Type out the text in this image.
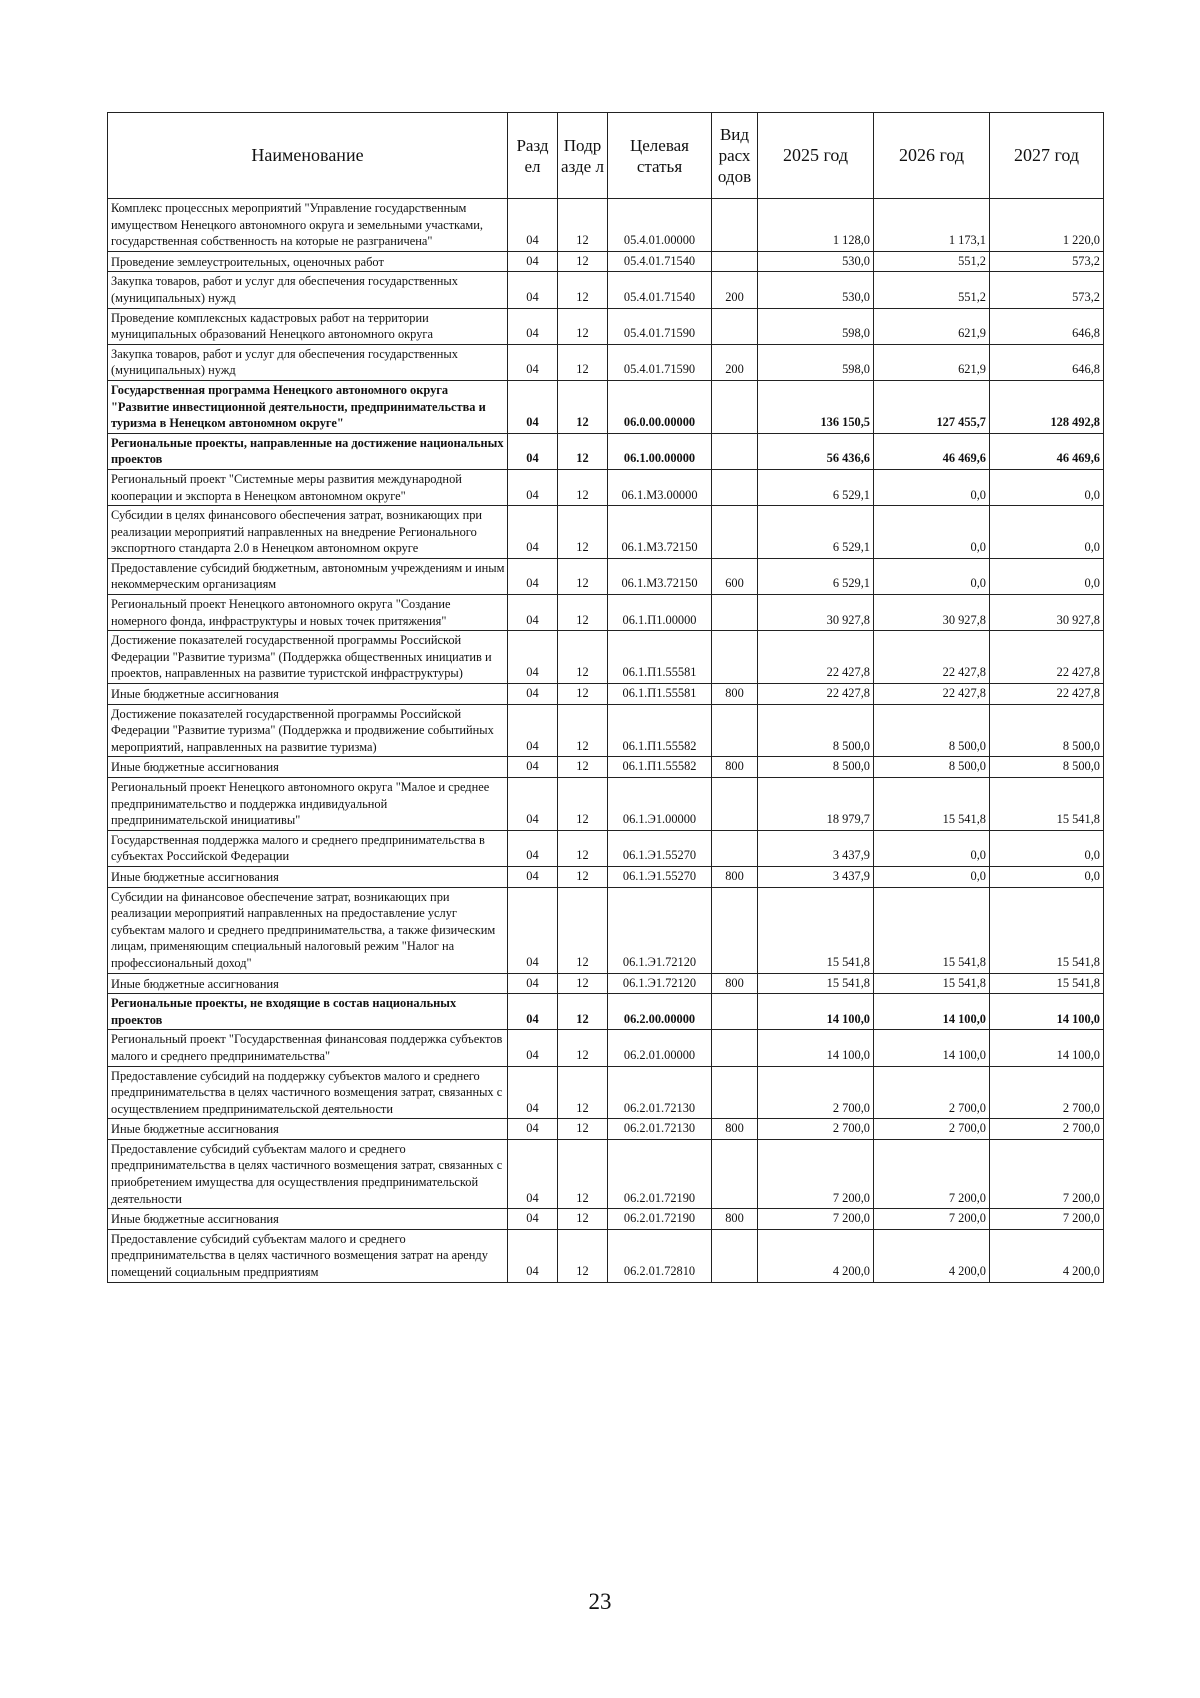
Наименование	Разд ел	Подр азде л	Целевая статья	Вид расх одов	2025 год	2026 год	2027 год
Комплекс процессных мероприятий "Управление государственным имуществом Ненецкого автономного округа и земельными участками, государственная собственность на которые не разграничена"	04	12	05.4.01.00000		1 128,0	1 173,1	1 220,0
Проведение землеустроительных, оценочных работ	04	12	05.4.01.71540		530,0	551,2	573,2
Закупка товаров, работ и услуг для обеспечения государственных (муниципальных) нужд	04	12	05.4.01.71540	200	530,0	551,2	573,2
Проведение комплексных кадастровых работ на территории муниципальных образований Ненецкого автономного округа	04	12	05.4.01.71590		598,0	621,9	646,8
Закупка товаров, работ и услуг для обеспечения государственных (муниципальных) нужд	04	12	05.4.01.71590	200	598,0	621,9	646,8
Государственная программа Ненецкого автономного округа "Развитие инвестиционной деятельности, предпринимательства и туризма в Ненецком автономном округе"	04	12	06.0.00.00000		136 150,5	127 455,7	128 492,8
Региональные проекты, направленные на достижение национальных проектов	04	12	06.1.00.00000		56 436,6	46 469,6	46 469,6
Региональный проект "Системные меры развития международной кооперации и экспорта в Ненецком автономном округе"	04	12	06.1.М3.00000		6 529,1	0,0	0,0
Субсидии в целях финансового обеспечения затрат, возникающих при реализации мероприятий направленных на внедрение Регионального экспортного стандарта 2.0 в Ненецком автономном округе	04	12	06.1.М3.72150		6 529,1	0,0	0,0
Предоставление субсидий бюджетным, автономным учреждениям и иным некоммерческим организациям	04	12	06.1.М3.72150	600	6 529,1	0,0	0,0
Региональный проект Ненецкого автономного округа "Создание номерного фонда, инфраструктуры и новых точек притяжения"	04	12	06.1.П1.00000		30 927,8	30 927,8	30 927,8
Достижение показателей государственной программы Российской Федерации "Развитие туризма" (Поддержка общественных инициатив и проектов, направленных на развитие туристской инфраструктуры)	04	12	06.1.П1.55581		22 427,8	22 427,8	22 427,8
Иные бюджетные ассигнования	04	12	06.1.П1.55581	800	22 427,8	22 427,8	22 427,8
Достижение показателей государственной программы Российской Федерации "Развитие туризма" (Поддержка и продвижение событийных мероприятий, направленных на развитие туризма)	04	12	06.1.П1.55582		8 500,0	8 500,0	8 500,0
Иные бюджетные ассигнования	04	12	06.1.П1.55582	800	8 500,0	8 500,0	8 500,0
Региональный проект Ненецкого автономного округа "Малое и среднее предпринимательство и поддержка индивидуальной предпринимательской инициативы"	04	12	06.1.Э1.00000		18 979,7	15 541,8	15 541,8
Государственная поддержка малого и среднего предпринимательства в субъектах Российской Федерации	04	12	06.1.Э1.55270		3 437,9	0,0	0,0
Иные бюджетные ассигнования	04	12	06.1.Э1.55270	800	3 437,9	0,0	0,0
Субсидии на финансовое обеспечение затрат, возникающих при реализации мероприятий направленных на предоставление услуг субъектам малого и среднего предпринимательства, а также физическим лицам, применяющим специальный налоговый режим "Налог на профессиональный доход"	04	12	06.1.Э1.72120		15 541,8	15 541,8	15 541,8
Иные бюджетные ассигнования	04	12	06.1.Э1.72120	800	15 541,8	15 541,8	15 541,8
Региональные проекты, не входящие в состав национальных проектов	04	12	06.2.00.00000		14 100,0	14 100,0	14 100,0
Региональный проект "Государственная финансовая поддержка субъектов малого и среднего предпринимательства"	04	12	06.2.01.00000		14 100,0	14 100,0	14 100,0
Предоставление субсидий на поддержку субъектов малого и среднего предпринимательства в целях частичного возмещения затрат, связанных с осуществлением предпринимательской деятельности	04	12	06.2.01.72130		2 700,0	2 700,0	2 700,0
Иные бюджетные ассигнования	04	12	06.2.01.72130	800	2 700,0	2 700,0	2 700,0
Предоставление субсидий субъектам малого и среднего предпринимательства в целях частичного возмещения затрат, связанных с приобретением имущества для осуществления предпринимательской деятельности	04	12	06.2.01.72190		7 200,0	7 200,0	7 200,0
Иные бюджетные ассигнования	04	12	06.2.01.72190	800	7 200,0	7 200,0	7 200,0
Предоставление субсидий субъектам малого и среднего предпринимательства в целях частичного возмещения затрат на аренду помещений социальным предприятиям	04	12	06.2.01.72810		4 200,0	4 200,0	4 200,0
23
